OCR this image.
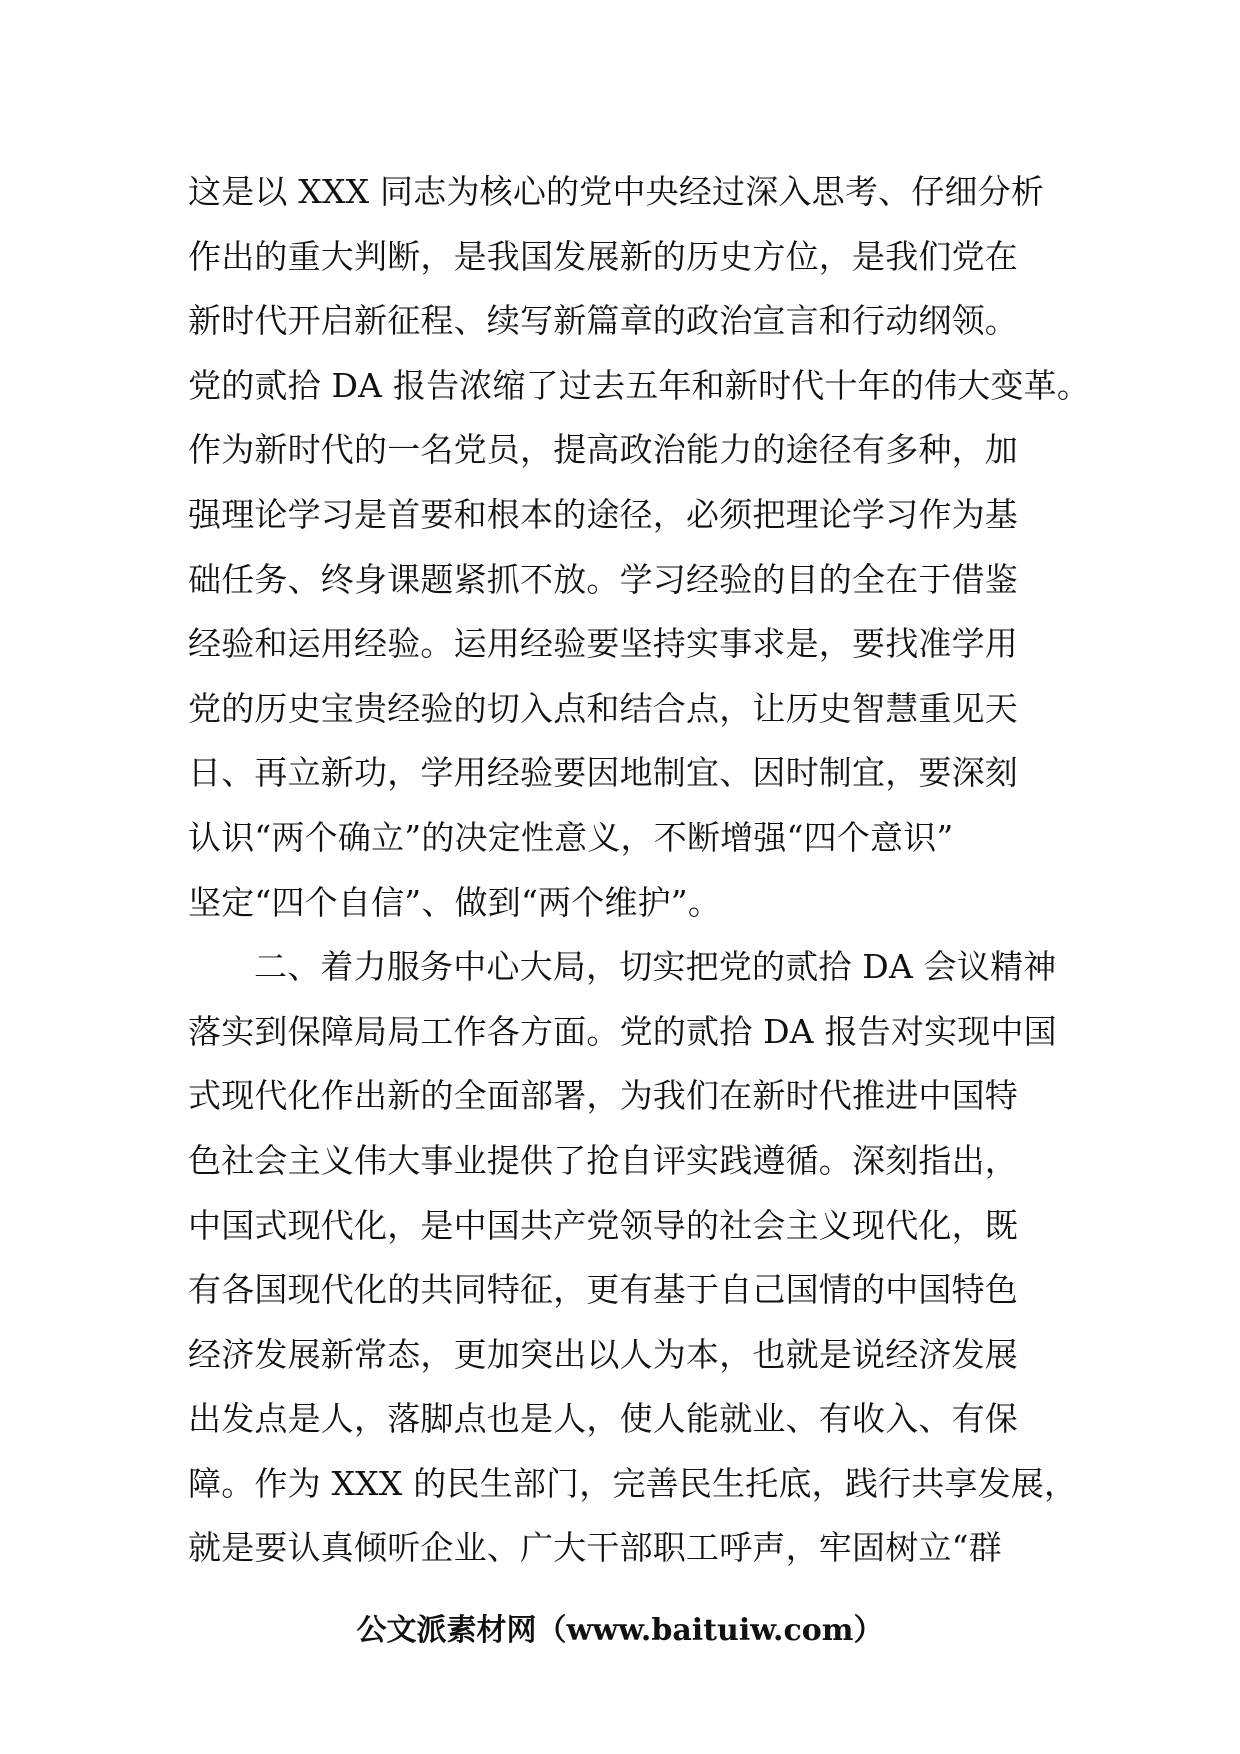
这是以 XXX 同志为核心的党中央经过深入思考、仔细分析
作出的重大判断，是我国发展新的历史方位，是我们党在
新时代开启新征程、续写新篇章的政治宣言和行动纲领。
党的贰拾 DA 报告浓缩了过去五年和新时代十年的伟大变革。
作为新时代的一名党员，提高政治能力的途径有多种，加
强理论学习是首要和根本的途径，必须把理论学习作为基
础任务、终身课题紧抓不放。学习经验的目的全在于借鉴
经验和运用经验。运用经验要坚持实事求是，要找准学用
党的历史宝贵经验的切入点和结合点，让历史智慧重见天
日、再立新功，学用经验要因地制宜、因时制宜，要深刻
认识“两个确立”的决定性意义，不断增强“四个意识”
坚定“四个自信”、做到“两个维护”。
二、着力服务中心大局，切实把党的贰拾 DA 会议精神
落实到保障局局工作各方面。党的贰拾 DA 报告对实现中国
式现代化作出新的全面部署，为我们在新时代推进中国特
色社会主义伟大事业提供了抢自评实践遵循。深刻指出，
中国式现代化，是中国共产党领导的社会主义现代化，既
有各国现代化的共同特征，更有基于自己国情的中国特色
经济发展新常态，更加突出以人为本，也就是说经济发展
出发点是人，落脚点也是人，使人能就业、有收入、有保
障。作为 XXX 的民生部门，完善民生托底，践行共享发展，
就是要认真倾听企业、广大干部职工呼声，牢固树立“群
公文派素材网（www.baituiw.com）
